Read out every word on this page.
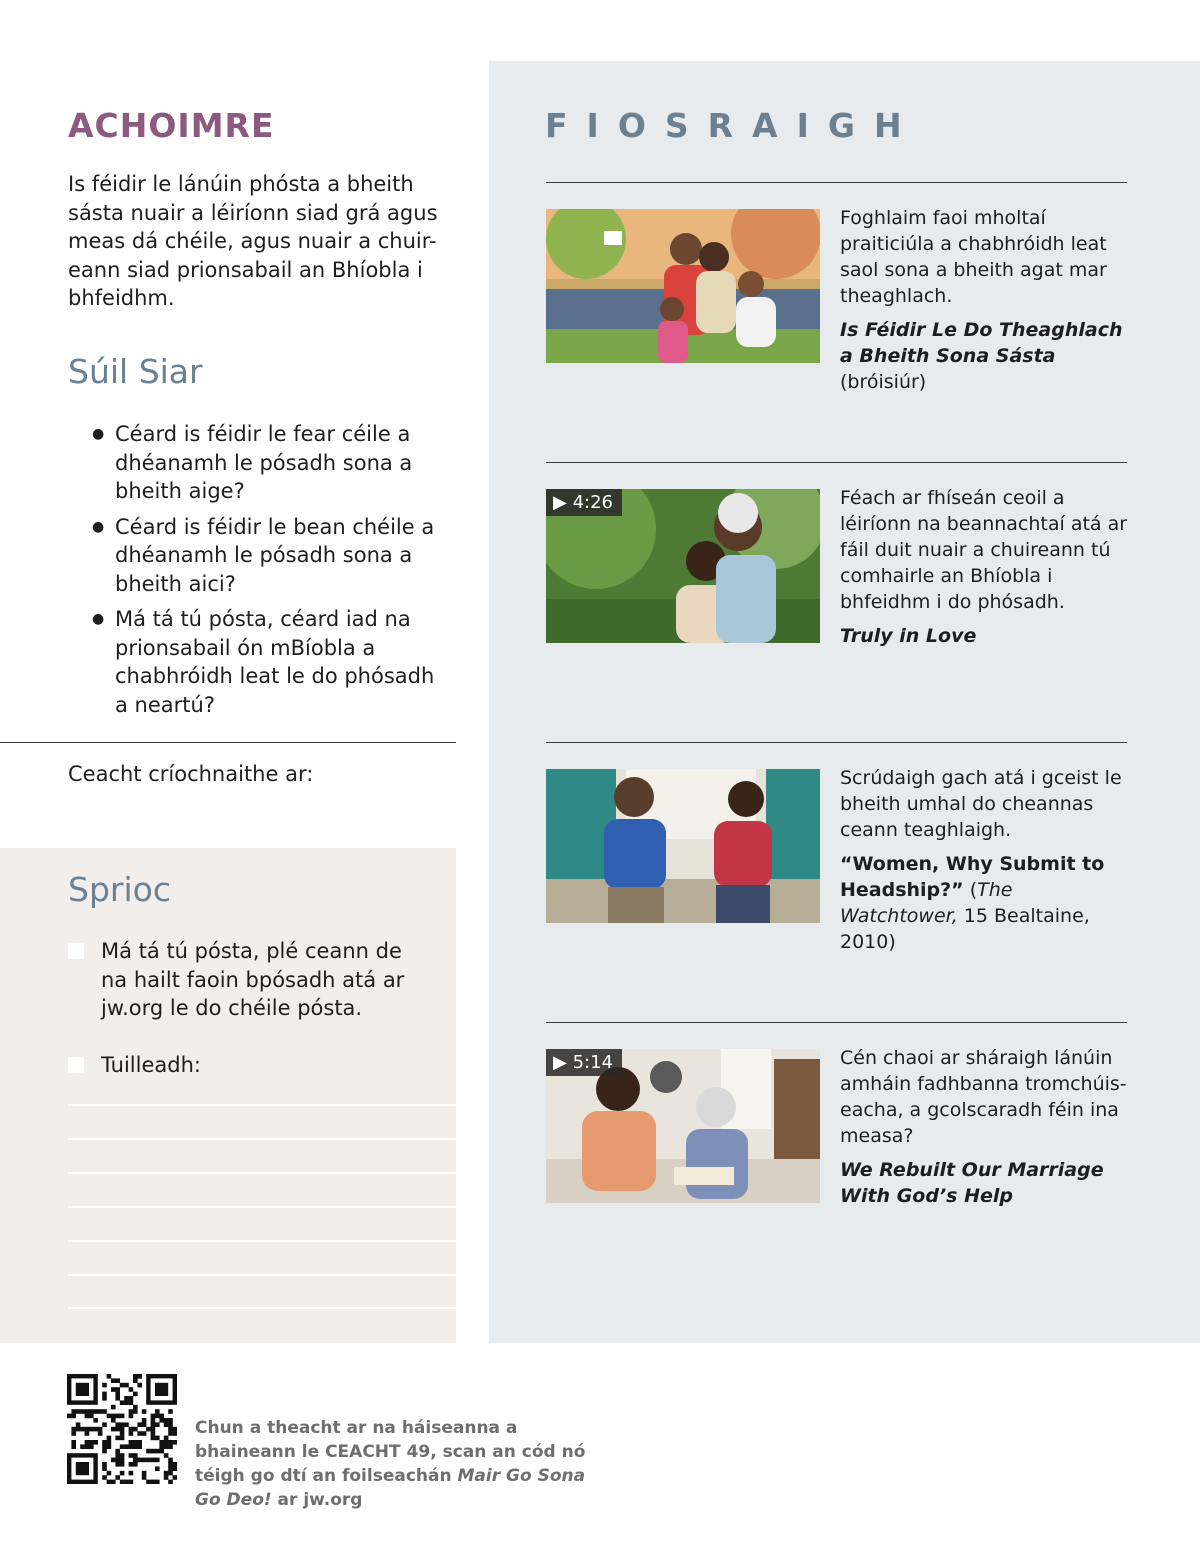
ACHOIMRE
Is féidir le lánúin phósta a bheith sásta nuair a léiríonn siad grá agus meas dá chéile, agus nuair a chuir-eann siad prionsabail an Bhíobla i bhfeidhm.
Súil Siar
● Céard is féidir le fear céile a dhéanamh le pósadh sona a bheith aige?
● Céard is féidir le bean chéile a dhéanamh le pósadh sona a bheith aici?
● Má tá tú pósta, céard iad na prionsabail ón mBíobla a chabhróidh leat le do phósadh a neartú?
Ceacht críochnaithe ar:
Sprioc
Má tá tú pósta, plé ceann de na hailt faoin bpósadh atá ar jw.org le do chéile pósta.
Tuilleadh:
FIOSRAIGH
Foghlaim faoi mholtaí praiticiúla a chabhróidh leat saol sona a bheith agat mar theaghlach.
Is Féidir Le Do Theaghlach a Bheith Sona Sásta (bróisiúr)
▶ 4:26	Féach ar fhíseán ceoil a léiríonn na beannachtaí atá ar fáil duit nuair a chuireann tú comhairle an Bhíobla i bhfeidhm i do phósadh.
Truly in Love
Scrúdaigh gach atá i gceist le bheith umhal do cheannas ceann teaghlaigh.
“Women, Why Submit to Headship?” (The Watchtower, 15 Bealtaine, 2010)
▶ 5:14	Cén chaoi ar sháraigh lánúin amháin fadhbanna tromchúis-eacha, a gcolscaradh féin ina measa?
We Rebuilt Our Marriage With God’s Help
Chun a theacht ar na háiseanna a bhaineann le CEACHT 49, scan an cód nó téigh go dtí an foilseachán Mair Go Sona Go Deo! ar jw.org
